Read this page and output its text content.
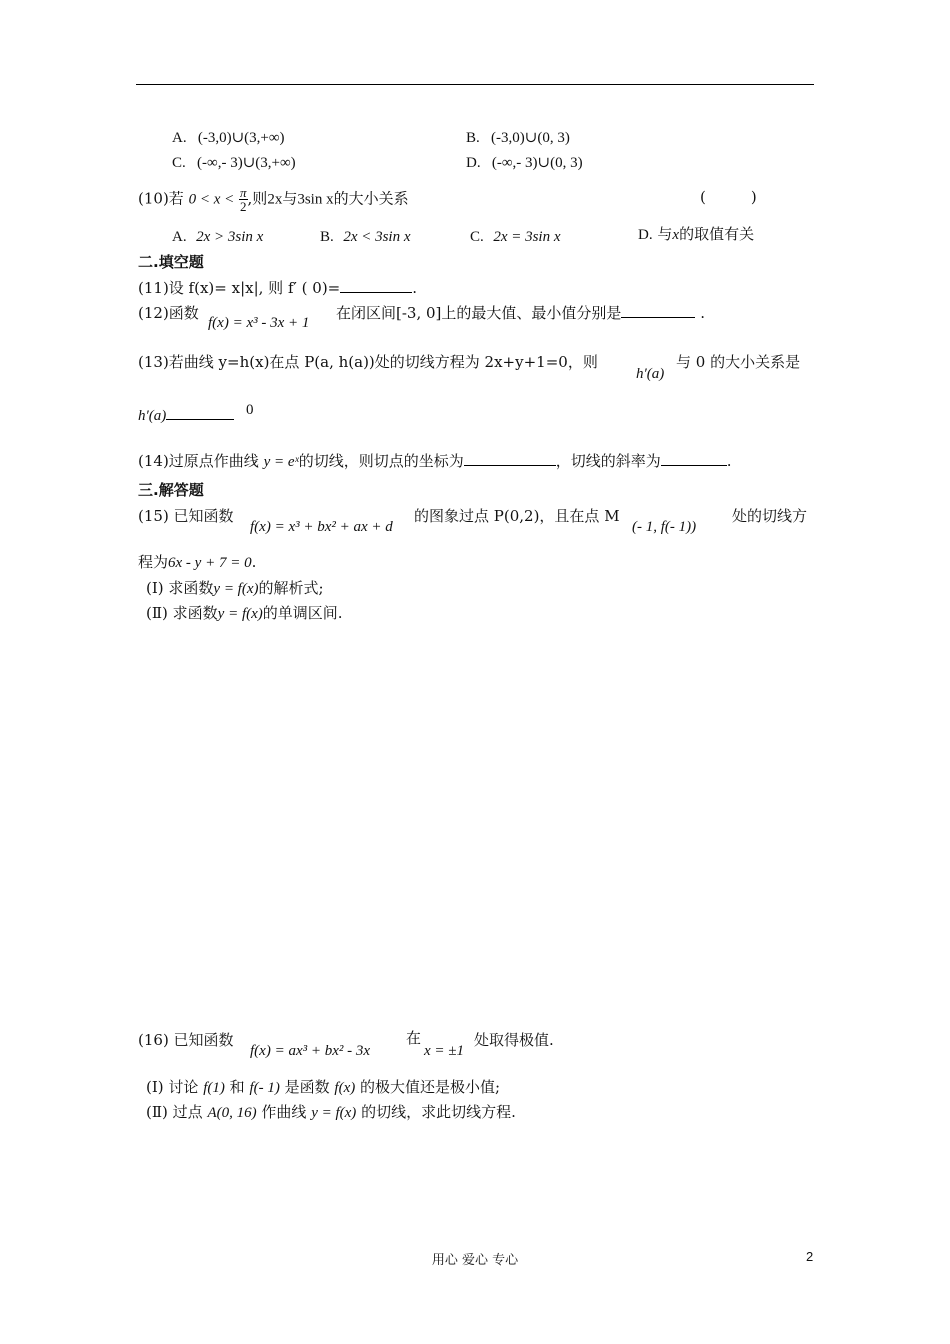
A. (-3,0)∪(3,+∞)	B. (-3,0)∪(0, 3)
C. (-∞,- 3)∪(3,+∞)	D. (-∞,- 3)∪(0, 3)
(10)若 $0 < x < \frac{\pi}{2}$ ,则2x与3sin x的大小关系	(　　　)
A. 2x > 3sin x	B. 2x < 3sin x	C. 2x = 3sin x	D. 与x的取值有关
二.填空题
(11)设 f(x)= x|x|, 则 f′ ( 0)=	.
(12)函数
f(x) = x³ - 3x + 1
在闭区间[-3, 0]上的最大值、最小值分别是	.
(13)若曲线 y=h(x)在点 P(a, h(a))处的切线方程为 2x+y+1=0，则
h′(a)
与 0 的大小关系是
h′(a)	0
(14)过原点作曲线 y = eˣ的切线，则切点的坐标为	，切线的斜率为	.
三.解答题
(15) 已知函数
f(x) = x³ + bx² + ax + d
的图象过点 P(0,2)，且在点 M
(- 1, f(- 1))
处的切线方
程为6x - y + 7 = 0.
(Ⅰ) 求函数y = f(x)的解析式;
(Ⅱ) 求函数y = f(x)的单调区间.
(16) 已知函数
f(x) = ax³ + bx² - 3x
在
x = ±1
处取得极值.
(Ⅰ) 讨论 f(1) 和 f(- 1) 是函数 f(x) 的极大值还是极小值;
(Ⅱ) 过点 A(0, 16) 作曲线 y = f(x) 的切线，求此切线方程.
用心 爱心 专心	2
